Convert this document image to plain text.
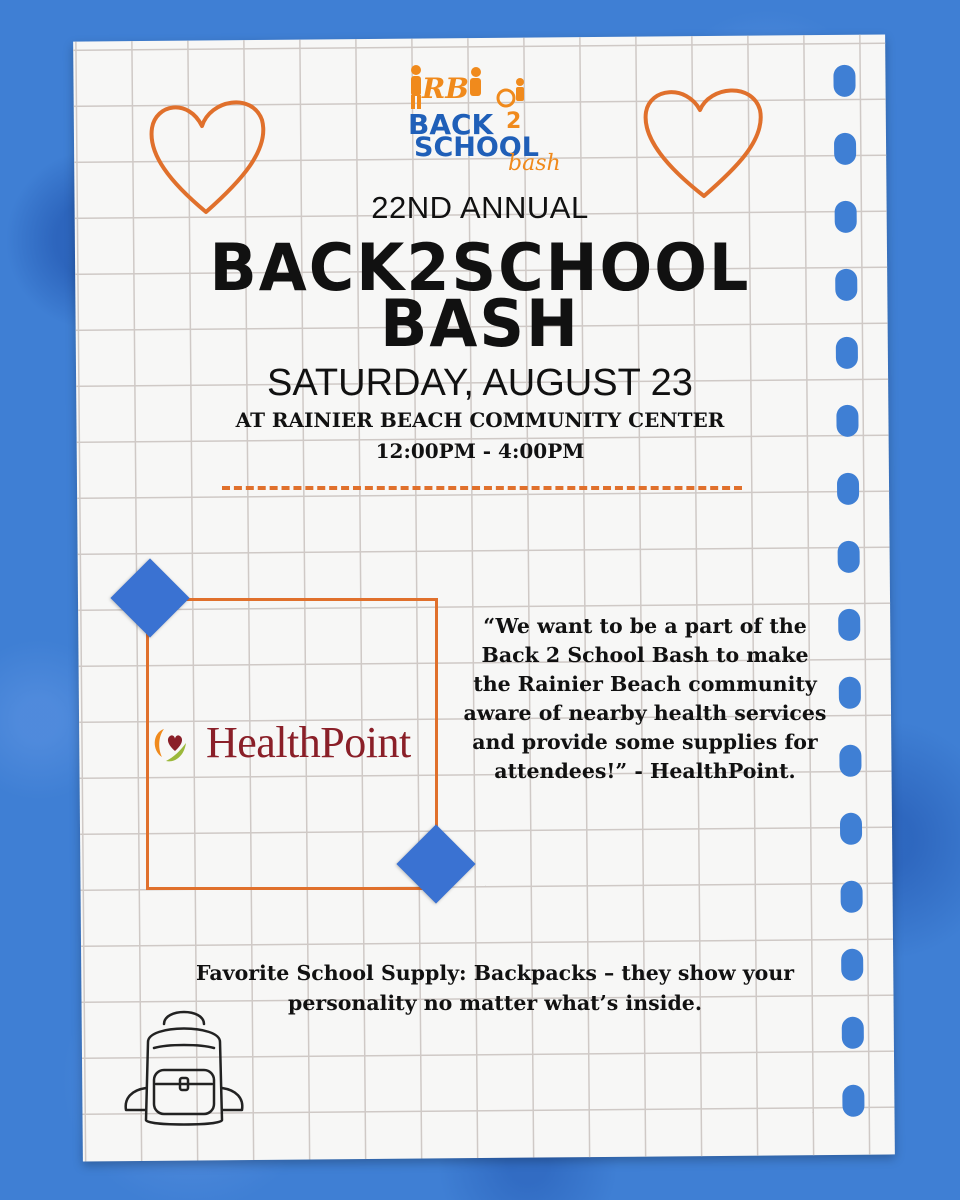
RB
BACK 2
SCHOOL
bash
22ND ANNUAL
BACK2SCHOOL
BASH
SATURDAY, AUGUST 23
AT RAINIER BEACH COMMUNITY CENTER
12:00PM - 4:00PM
HealthPoint
“We want to be a part of the Back 2 School Bash to make the Rainier Beach community aware of nearby health services and provide some supplies for attendees!” - HealthPoint.
Favorite School Supply: Backpacks – they show your personality no matter what’s inside.
